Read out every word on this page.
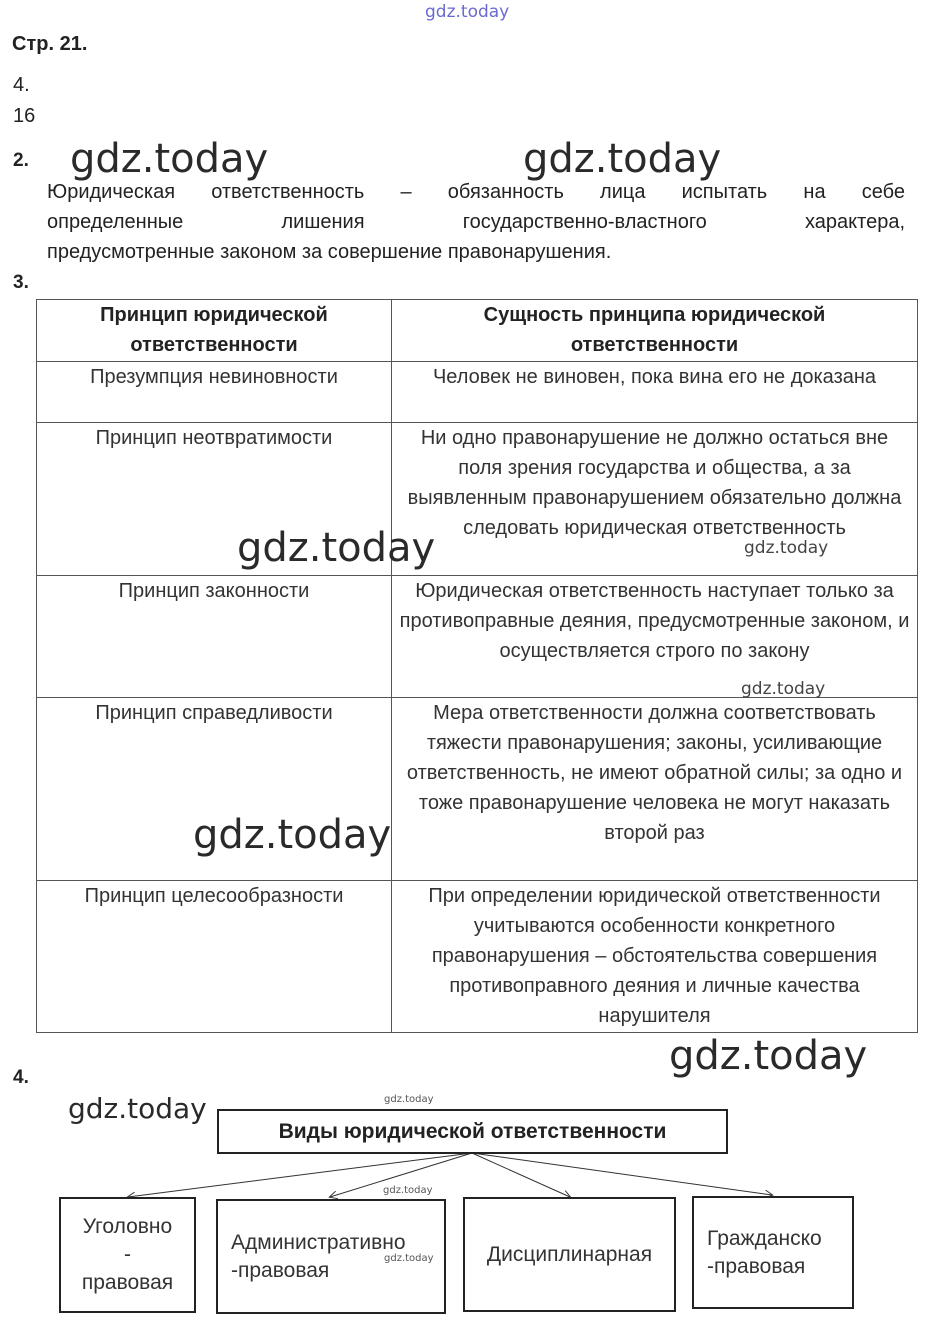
gdz.today
Стр. 21.
4.
16
2.
Юридическая ответственность – обязанность лица испытать на себе
определенные лишения государственно-властного характера,
предусмотренные законом за совершение правонарушения.
3.
Принцип юридической ответственности	Сущность принципа юридической ответственности
Презумпция невиновности	Человек не виновен, пока вина его не доказана
Принцип неотвратимости	Ни одно правонарушение не должно остаться вне поля зрения государства и общества, а за выявленным правонарушением обязательно должна следовать юридическая ответственность
Принцип законности	Юридическая ответственность наступает только за противоправные деяния, предусмотренные законом, и осуществляется строго по закону
Принцип справедливости	Мера ответственности должна соответствовать тяжести правонарушения; законы, усиливающие ответственность, не имеют обратной силы; за одно и тоже правонарушение человека не могут наказать второй раз
Принцип целесообразности	При определении юридической ответственности учитываются особенности конкретного правонарушения – обстоятельства совершения противоправного деяния и личные качества нарушителя
4.
Виды юридической ответственности
Уголовно - правовая
Административно -правовая
Дисциплинарная
Гражданско -правовая
gdz.today	gdz.today
gdz.today	gdz.today
gdz.today
gdz.today
gdz.today
gdz.today	gdz.today
gdz.today
gdz.today
